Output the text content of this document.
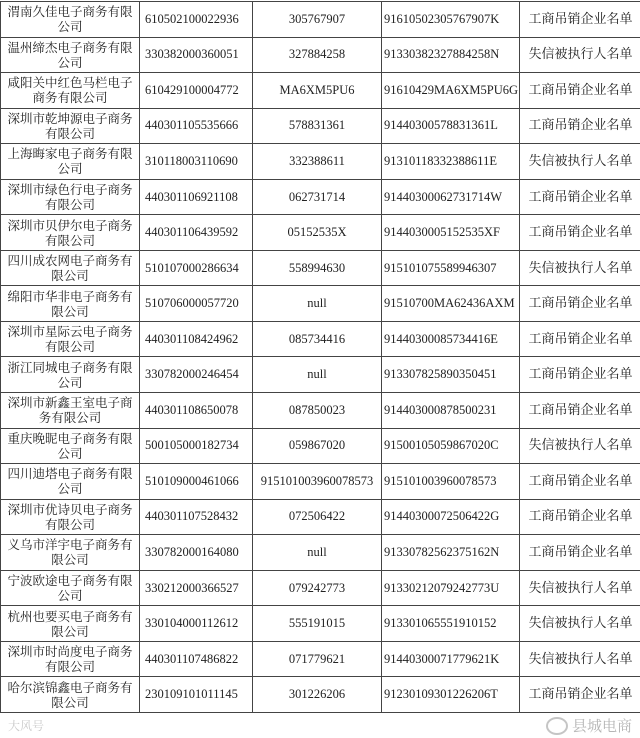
渭南久佳电子商务有限公司	610502100022936	305767907	91610502305767907K	工商吊销企业名单
温州缔杰电子商务有限公司	330382000360051	327884258	91330382327884258N	失信被执行人名单
咸阳关中红色马栏电子商务有限公司	610429100004772	MA6XM5PU6	91610429MA6XM5PU6G	工商吊销企业名单
深圳市乾坤源电子商务有限公司	440301105535666	578831361	91440300578831361L	工商吊销企业名单
上海晦家电子商务有限公司	310118003110690	332388611	91310118332388611E	失信被执行人名单
深圳市绿色行电子商务有限公司	440301106921108	062731714	91440300062731714W	工商吊销企业名单
深圳市贝伊尔电子商务有限公司	440301106439592	05152535X	9144030005152535XF	工商吊销企业名单
四川成农网电子商务有限公司	510107000286634	558994630	915101075589946307	失信被执行人名单
绵阳市华非电子商务有限公司	510706000057720	null	91510700MA62436AXM	工商吊销企业名单
深圳市星际云电子商务有限公司	440301108424962	085734416	91440300085734416E	工商吊销企业名单
浙江同城电子商务有限公司	330782000246454	null	913307825890350451	工商吊销企业名单
深圳市新鑫王室电子商务有限公司	440301108650078	087850023	914403000878500231	工商吊销企业名单
重庆晚昵电子商务有限公司	500105000182734	059867020	91500105059867020C	失信被执行人名单
四川迪塔电子商务有限公司	510109000461066	915101003960078573	915101003960078573	工商吊销企业名单
深圳市优诗贝电子商务有限公司	440301107528432	072506422	91440300072506422G	工商吊销企业名单
义乌市洋宇电子商务有限公司	330782000164080	null	91330782562375162N	工商吊销企业名单
宁波欧途电子商务有限公司	330212000366527	079242773	91330212079242773U	失信被执行人名单
杭州也要买电子商务有限公司	330104000112612	555191015	913301065551910152	失信被执行人名单
深圳市时尚度电子商务有限公司	440301107486822	071779621	91440300071779621K	失信被执行人名单
哈尔滨锦鑫电子商务有限公司	230109101011145	301226206	91230109301226206T	工商吊销企业名单
大风号	县城电商
